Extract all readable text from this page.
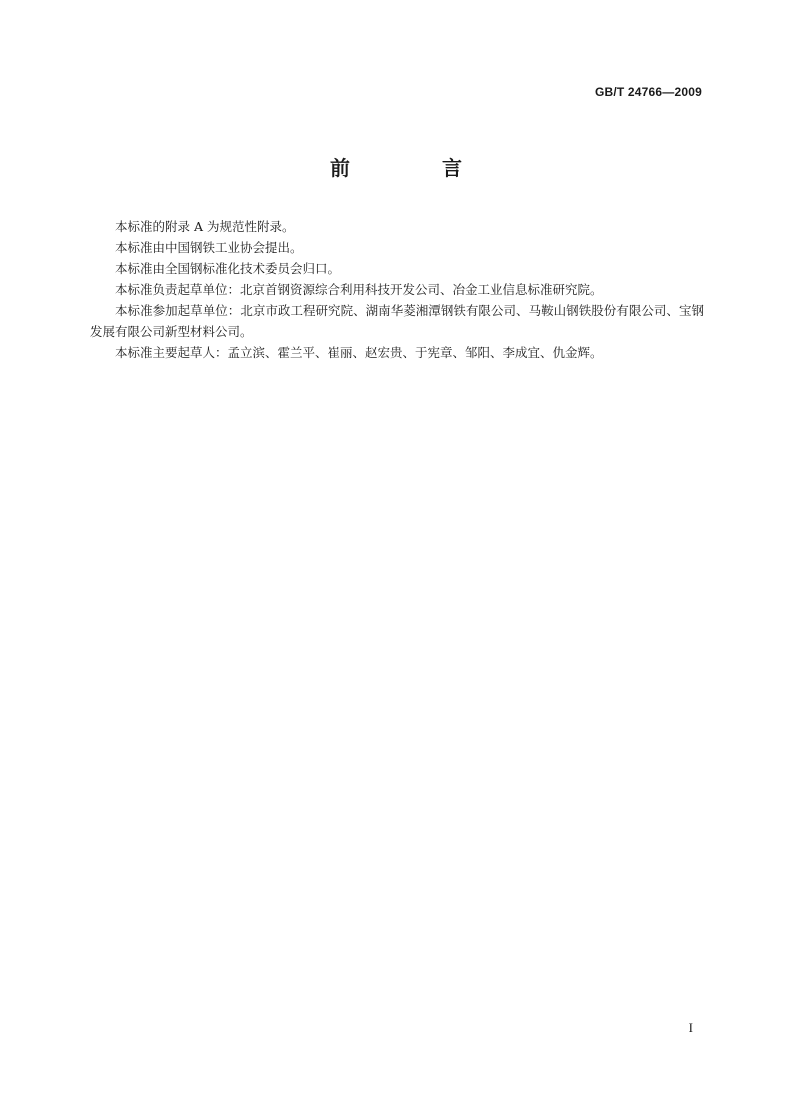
GB/T 24766—2009
前　言

本标准的附录 A 为规范性附录。

本标准由中国钢铁工业协会提出。

本标准由全国钢标准化技术委员会归口。

本标准负责起草单位：北京首钢资源综合利用科技开发公司、冶金工业信息标准研究院。

本标准参加起草单位：北京市政工程研究院、湖南华菱湘潭钢铁有限公司、马鞍山钢铁股份有限公司、宝钢发展有限公司新型材料公司。

本标准主要起草人：孟立滨、霍兰平、崔丽、赵宏贵、于宪章、邹阳、李成宜、仇金辉。

I
